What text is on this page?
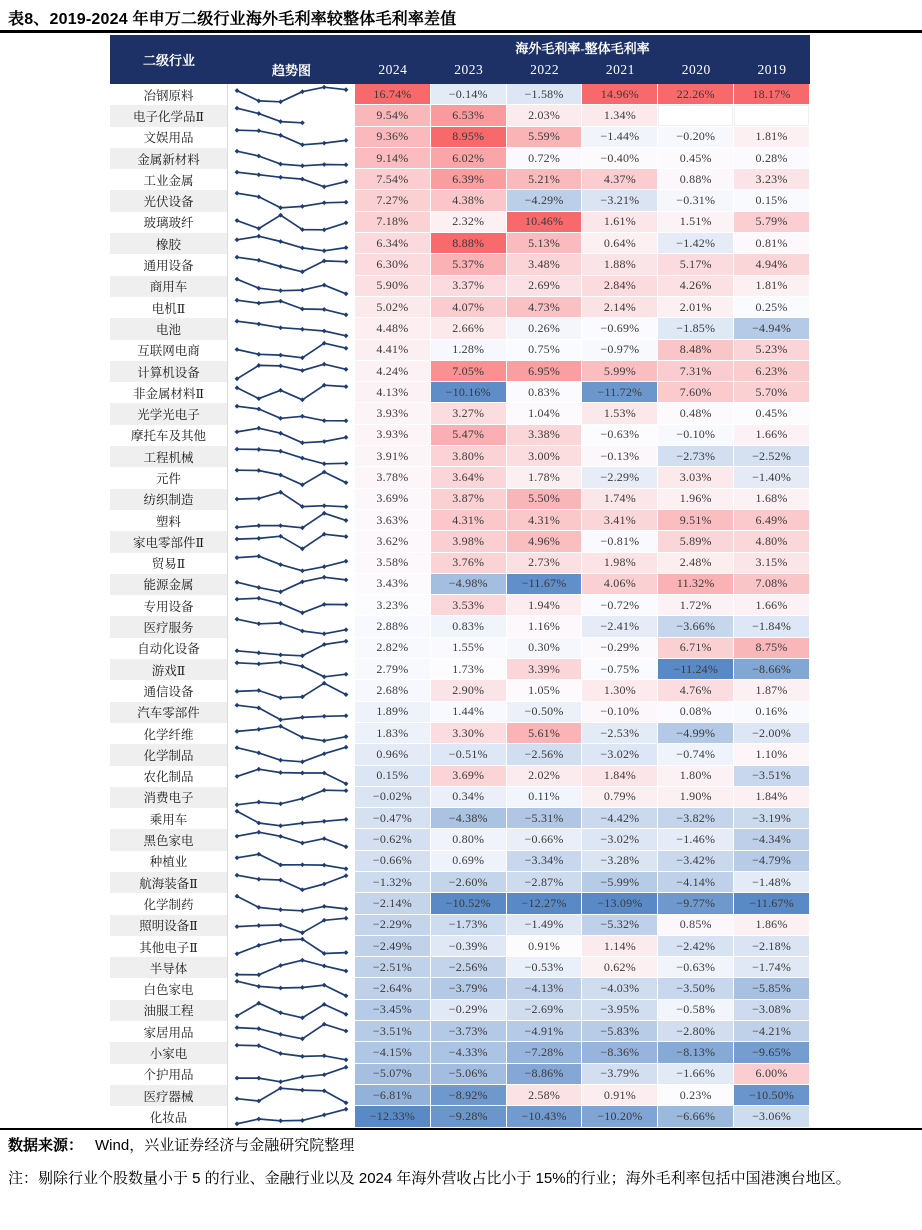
表8、2019-2024 年申万二级行业海外毛利率较整体毛利率差值
二级行业
趋势图
海外毛利率-整体毛利率
2024	2023	2022	2021	2020	2019
冶钢原料	16.74%	−0.14%	−1.58%	14.96%	22.26%	18.17%
电子化学品Ⅱ	9.54%	6.53%	2.03%	1.34%
文娱用品	9.36%	8.95%	5.59%	−1.44%	−0.20%	1.81%
金属新材料	9.14%	6.02%	0.72%	−0.40%	0.45%	0.28%
工业金属	7.54%	6.39%	5.21%	4.37%	0.88%	3.23%
光伏设备	7.27%	4.38%	−4.29%	−3.21%	−0.31%	0.15%
玻璃玻纤	7.18%	2.32%	10.46%	1.61%	1.51%	5.79%
橡胶	6.34%	8.88%	5.13%	0.64%	−1.42%	0.81%
通用设备	6.30%	5.37%	3.48%	1.88%	5.17%	4.94%
商用车	5.90%	3.37%	2.69%	2.84%	4.26%	1.81%
电机Ⅱ	5.02%	4.07%	4.73%	2.14%	2.01%	0.25%
电池	4.48%	2.66%	0.26%	−0.69%	−1.85%	−4.94%
互联网电商	4.41%	1.28%	0.75%	−0.97%	8.48%	5.23%
计算机设备	4.24%	7.05%	6.95%	5.99%	7.31%	6.23%
非金属材料Ⅱ	4.13%	−10.16%	0.83%	−11.72%	7.60%	5.70%
光学光电子	3.93%	3.27%	1.04%	1.53%	0.48%	0.45%
摩托车及其他	3.93%	5.47%	3.38%	−0.63%	−0.10%	1.66%
工程机械	3.91%	3.80%	3.00%	−0.13%	−2.73%	−2.52%
元件	3.78%	3.64%	1.78%	−2.29%	3.03%	−1.40%
纺织制造	3.69%	3.87%	5.50%	1.74%	1.96%	1.68%
塑料	3.63%	4.31%	4.31%	3.41%	9.51%	6.49%
家电零部件Ⅱ	3.62%	3.98%	4.96%	−0.81%	5.89%	4.80%
贸易Ⅱ	3.58%	3.76%	2.73%	1.98%	2.48%	3.15%
能源金属	3.43%	−4.98%	−11.67%	4.06%	11.32%	7.08%
专用设备	3.23%	3.53%	1.94%	−0.72%	1.72%	1.66%
医疗服务	2.88%	0.83%	1.16%	−2.41%	−3.66%	−1.84%
自动化设备	2.82%	1.55%	0.30%	−0.29%	6.71%	8.75%
游戏Ⅱ	2.79%	1.73%	3.39%	−0.75%	−11.24%	−8.66%
通信设备	2.68%	2.90%	1.05%	1.30%	4.76%	1.87%
汽车零部件	1.89%	1.44%	−0.50%	−0.10%	0.08%	0.16%
化学纤维	1.83%	3.30%	5.61%	−2.53%	−4.99%	−2.00%
化学制品	0.96%	−0.51%	−2.56%	−3.02%	−0.74%	1.10%
农化制品	0.15%	3.69%	2.02%	1.84%	1.80%	−3.51%
消费电子	−0.02%	0.34%	0.11%	0.79%	1.90%	1.84%
乘用车	−0.47%	−4.38%	−5.31%	−4.42%	−3.82%	−3.19%
黑色家电	−0.62%	0.80%	−0.66%	−3.02%	−1.46%	−4.34%
种植业	−0.66%	0.69%	−3.34%	−3.28%	−3.42%	−4.79%
航海装备Ⅱ	−1.32%	−2.60%	−2.87%	−5.99%	−4.14%	−1.48%
化学制药	−2.14%	−10.52%	−12.27%	−13.09%	−9.77%	−11.67%
照明设备Ⅱ	−2.29%	−1.73%	−1.49%	−5.32%	0.85%	1.86%
其他电子Ⅱ	−2.49%	−0.39%	0.91%	1.14%	−2.42%	−2.18%
半导体	−2.51%	−2.56%	−0.53%	0.62%	−0.63%	−1.74%
白色家电	−2.64%	−3.79%	−4.13%	−4.03%	−3.50%	−5.85%
油服工程	−3.45%	−0.29%	−2.69%	−3.95%	−0.58%	−3.08%
家居用品	−3.51%	−3.73%	−4.91%	−5.83%	−2.80%	−4.21%
小家电	−4.15%	−4.33%	−7.28%	−8.36%	−8.13%	−9.65%
个护用品	−5.07%	−5.06%	−8.86%	−3.79%	−1.66%	6.00%
医疗器械	−6.81%	−8.92%	2.58%	0.91%	0.23%	−10.50%
化妆品	−12.33%	−9.28%	−10.43%	−10.20%	−6.66%	−3.06%
数据来源： Wind，兴业证券经济与金融研究院整理
注：剔除行业个股数量小于 5 的行业、金融行业以及 2024 年海外营收占比小于 15%的行业；海外毛利率包括中国港澳台地区。
